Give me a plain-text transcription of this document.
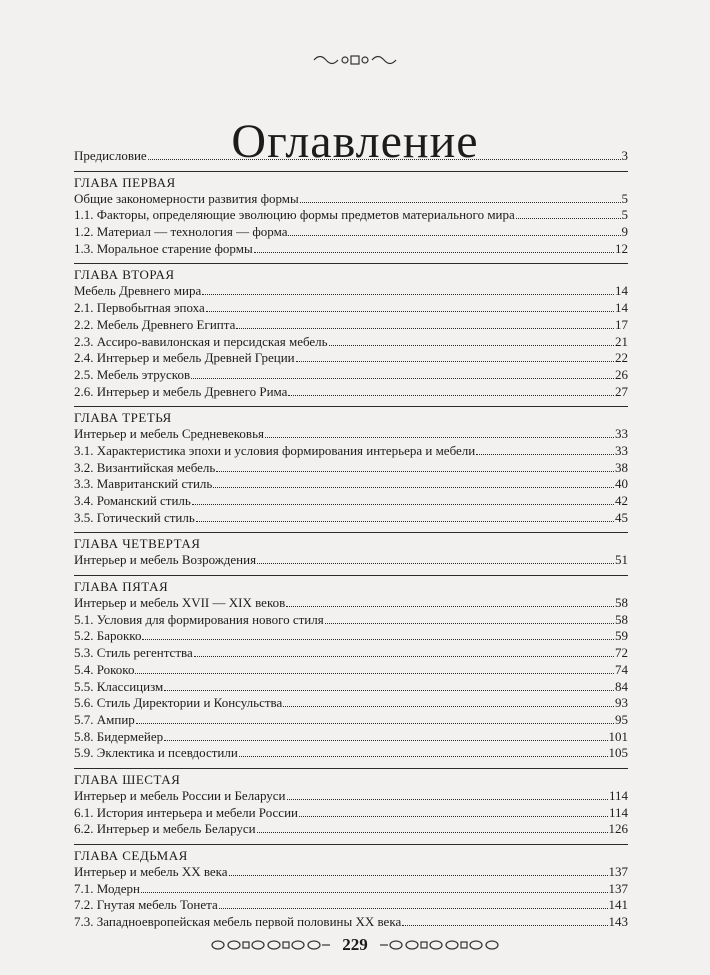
Оглавление
Предисловие	3
ГЛАВА ПЕРВАЯ
Общие закономерности развития формы	5
1.1. Факторы, определяющие эволюцию формы предметов материального мира	5
1.2. Материал — технология — форма	9
1.3. Моральное старение формы	12
ГЛАВА ВТОРАЯ
Мебель Древнего мира	14
2.1. Первобытная эпоха	14
2.2. Мебель Древнего Египта	17
2.3. Ассиро-вавилонская и персидская мебель	21
2.4. Интерьер и мебель Древней Греции	22
2.5. Мебель этрусков	26
2.6. Интерьер и мебель Древнего Рима	27
ГЛАВА ТРЕТЬЯ
Интерьер и мебель Средневековья	33
3.1. Характеристика эпохи и условия формирования интерьера и мебели	33
3.2. Византийская мебель	38
3.3. Мавританский стиль	40
3.4. Романский стиль	42
3.5. Готический стиль	45
ГЛАВА ЧЕТВЕРТАЯ
Интерьер и мебель Возрождения	51
ГЛАВА ПЯТАЯ
Интерьер и мебель XVII — XIX веков	58
5.1. Условия для формирования нового стиля	58
5.2. Барокко	59
5.3. Стиль регентства	72
5.4. Рококо	74
5.5. Классицизм	84
5.6. Стиль Директории и Консульства	93
5.7. Ампир	95
5.8. Бидермейер	101
5.9. Эклектика и псевдостили	105
ГЛАВА ШЕСТАЯ
Интерьер и мебель России и Беларуси	114
6.1. История интерьера и мебели России	114
6.2. Интерьер и мебель Беларуси	126
ГЛАВА СЕДЬМАЯ
Интерьер и мебель XX века	137
7.1. Модерн	137
7.2. Гнутая мебель Тонета	141
7.3. Западноевропейская мебель первой половины XX века	143
229
